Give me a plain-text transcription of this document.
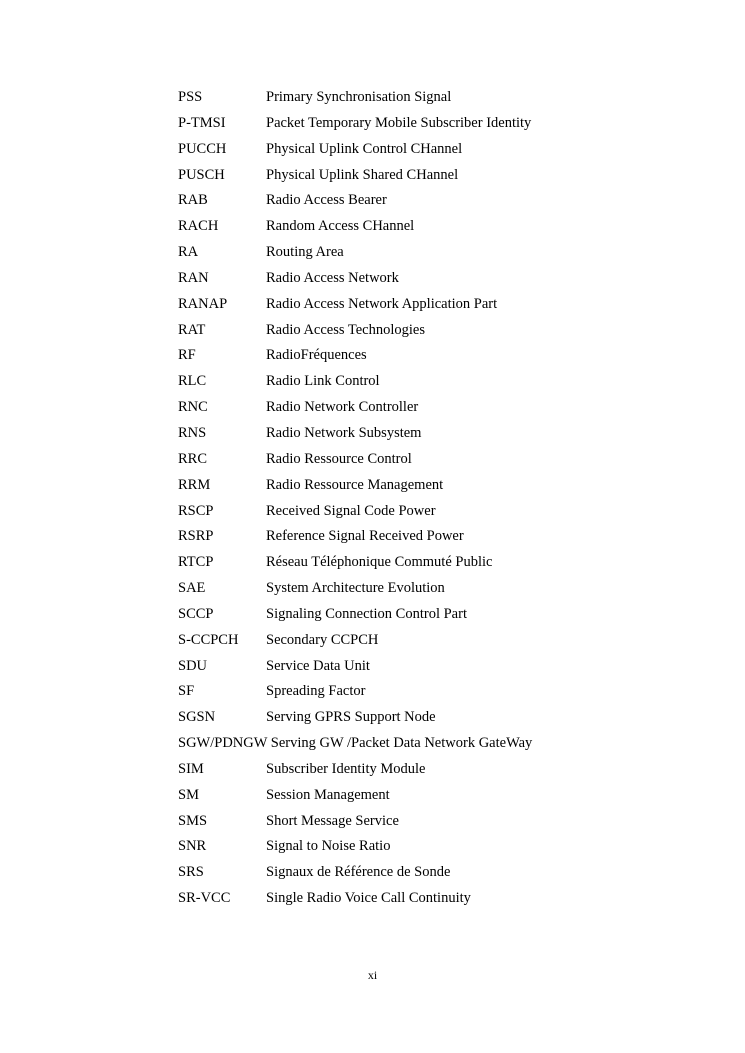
PSS	Primary Synchronisation Signal
P-TMSI	Packet Temporary Mobile Subscriber Identity
PUCCH	Physical Uplink Control CHannel
PUSCH	Physical Uplink Shared CHannel
RAB	Radio Access Bearer
RACH	Random Access CHannel
RA	Routing Area
RAN	Radio Access Network
RANAP	Radio Access Network Application Part
RAT	Radio Access Technologies
RF	RadioFréquences
RLC	Radio Link Control
RNC	Radio Network Controller
RNS	Radio Network Subsystem
RRC	Radio Ressource Control
RRM	Radio Ressource Management
RSCP	Received Signal Code Power
RSRP	Reference Signal Received Power
RTCP	Réseau Téléphonique Commuté Public
SAE	System Architecture Evolution
SCCP	Signaling Connection Control Part
S-CCPCH Secondary CCPCH
SDU	Service Data Unit
SF	Spreading Factor
SGSN	Serving GPRS Support Node
SGW/PDNGW Serving GW /Packet Data Network GateWay
SIM	Subscriber Identity Module
SM	Session Management
SMS	Short Message Service
SNR	Signal to Noise Ratio
SRS	Signaux de Référence de Sonde
SR-VCC Single Radio Voice Call Continuity
xi
